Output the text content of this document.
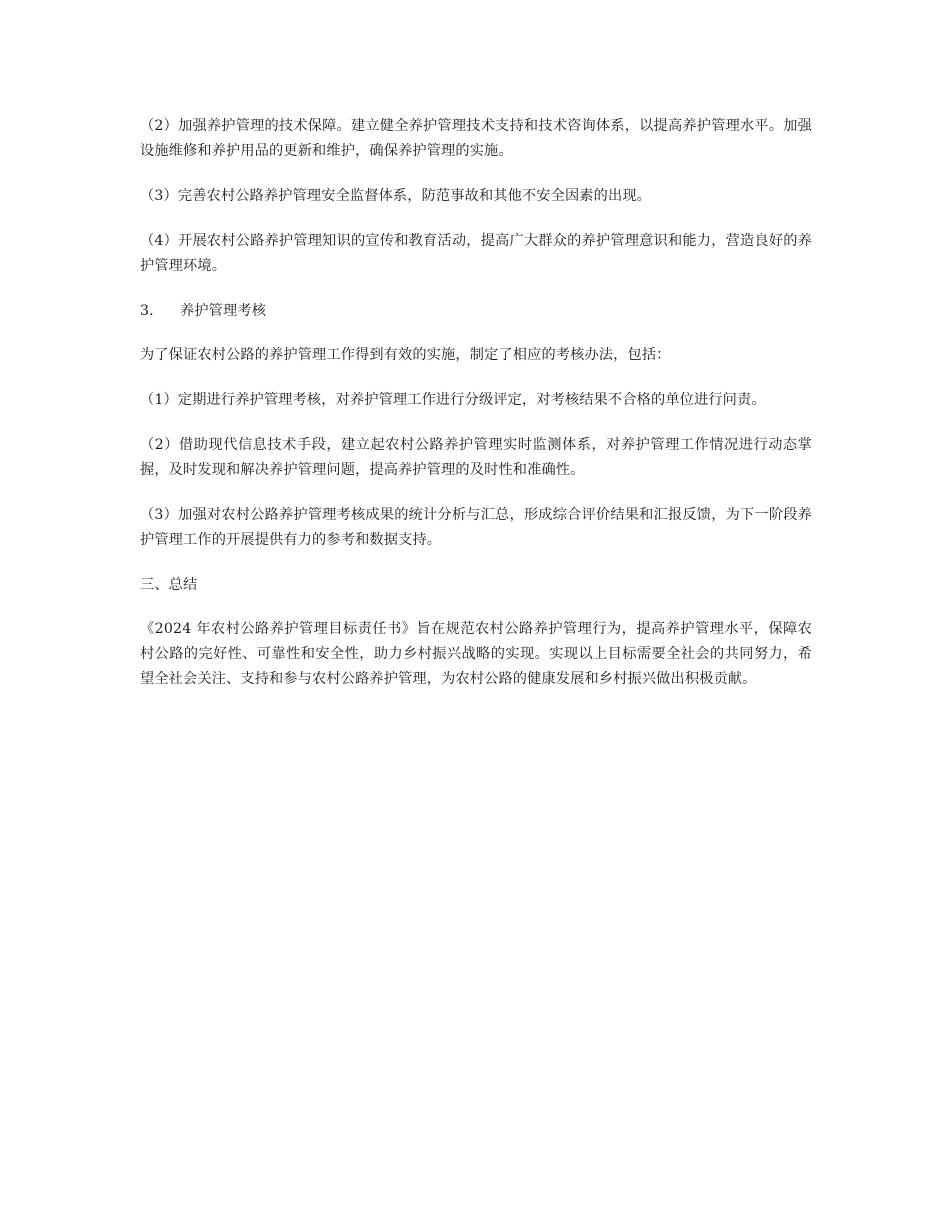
（2）加强养护管理的技术保障。建立健全养护管理技术支持和技术咨询体系，以提高养护管理水平。加强设施维修和养护用品的更新和维护，确保养护管理的实施。

（3）完善农村公路养护管理安全监督体系，防范事故和其他不安全因素的出现。

（4）开展农村公路养护管理知识的宣传和教育活动，提高广大群众的养护管理意识和能力，营造良好的养护管理环境。

3. 养护管理考核

为了保证农村公路的养护管理工作得到有效的实施，制定了相应的考核办法，包括：

（1）定期进行养护管理考核，对养护管理工作进行分级评定，对考核结果不合格的单位进行问责。

（2）借助现代信息技术手段，建立起农村公路养护管理实时监测体系，对养护管理工作情况进行动态掌握，及时发现和解决养护管理问题，提高养护管理的及时性和准确性。

（3）加强对农村公路养护管理考核成果的统计分析与汇总，形成综合评价结果和汇报反馈，为下一阶段养护管理工作的开展提供有力的参考和数据支持。

三、总结

《2024 年农村公路养护管理目标责任书》旨在规范农村公路养护管理行为，提高养护管理水平，保障农村公路的完好性、可靠性和安全性，助力乡村振兴战略的实现。实现以上目标需要全社会的共同努力，希望全社会关注、支持和参与农村公路养护管理，为农村公路的健康发展和乡村振兴做出积极贡献。
